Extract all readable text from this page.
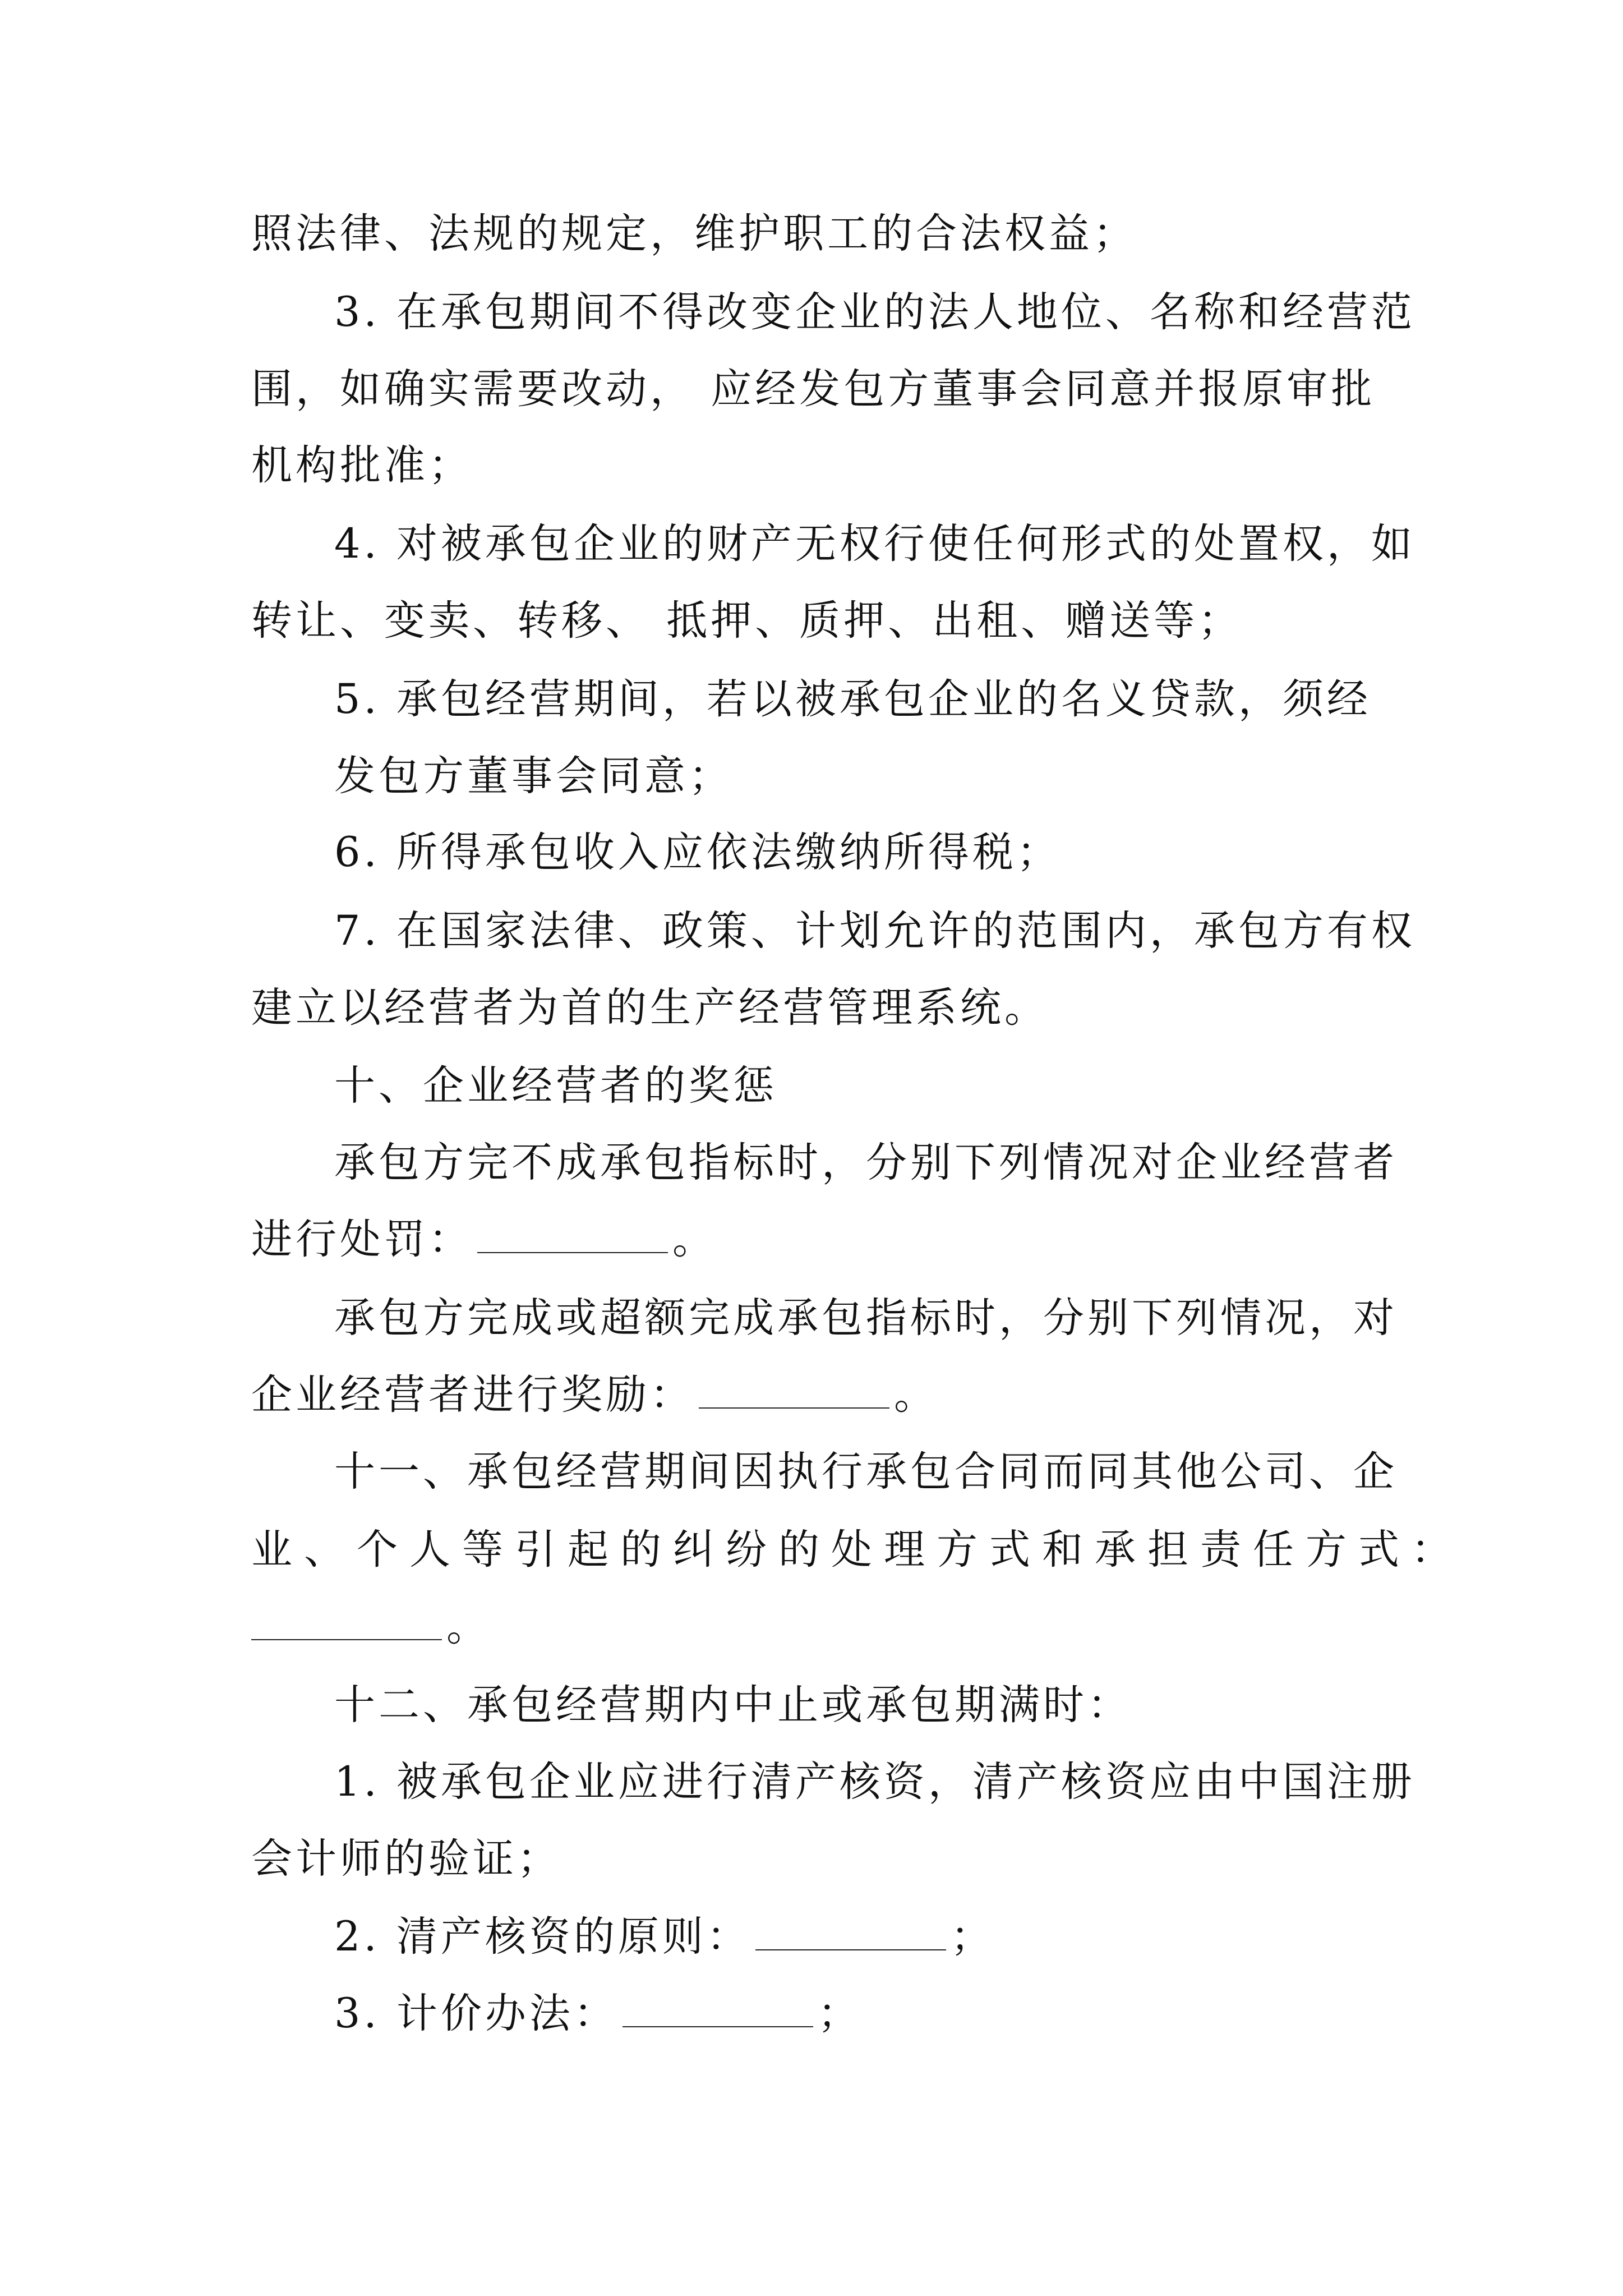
照法律、法规的规定，维护职工的合法权益；
3. 在承包期间不得改变企业的法人地位、名称和经营范
围，如确实需要改动， 应经发包方董事会同意并报原审批
机构批准；
4. 对被承包企业的财产无权行使任何形式的处置权，如
转让、变卖、转移、 抵押、质押、出租、赠送等；
5. 承包经营期间，若以被承包企业的名义贷款，须经
发包方董事会同意；
6. 所得承包收入应依法缴纳所得税；
7. 在国家法律、政策、计划允许的范围内，承包方有权
建立以经营者为首的生产经营管理系统。
十、企业经营者的奖惩
承包方完不成承包指标时，分别下列情况对企业经营者
进行处罚：	。
承包方完成或超额完成承包指标时，分别下列情况，对
企业经营者进行奖励：	。
十一、承包经营期间因执行承包合同而同其他公司、企
业、个人等引起的纠纷的处理方式和承担责任方式：
。
十二、承包经营期内中止或承包期满时：
1. 被承包企业应进行清产核资，清产核资应由中国注册
会计师的验证；
2. 清产核资的原则：	；
3. 计价办法：	；
